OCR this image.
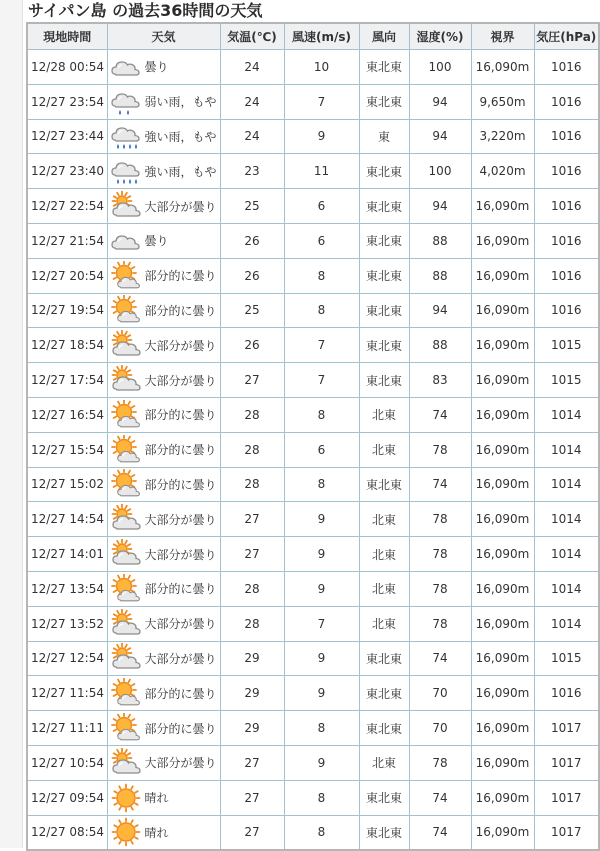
サイパン島 の過去36時間の天気
現地時間	天気	気温(℃)	風速(m/s)	風向	湿度(%)	視界	気圧(hPa)
12/28 00:54	曇り	24	10	東北東	100	16,090m	1016
12/27 23:54	弱い雨，もや	24	7	東北東	94	9,650m	1016
12/27 23:44	強い雨，もや	24	9	東	94	3,220m	1016
12/27 23:40	強い雨，もや	23	11	東北東	100	4,020m	1016
12/27 22:54	大部分が曇り	25	6	東北東	94	16,090m	1016
12/27 21:54	曇り	26	6	東北東	88	16,090m	1016
12/27 20:54	部分的に曇り	26	8	東北東	88	16,090m	1016
12/27 19:54	部分的に曇り	25	8	東北東	94	16,090m	1016
12/27 18:54	大部分が曇り	26	7	東北東	88	16,090m	1015
12/27 17:54	大部分が曇り	27	7	東北東	83	16,090m	1015
12/27 16:54	部分的に曇り	28	8	北東	74	16,090m	1014
12/27 15:54	部分的に曇り	28	6	北東	78	16,090m	1014
12/27 15:02	部分的に曇り	28	8	東北東	74	16,090m	1014
12/27 14:54	大部分が曇り	27	9	北東	78	16,090m	1014
12/27 14:01	大部分が曇り	27	9	北東	78	16,090m	1014
12/27 13:54	部分的に曇り	28	9	北東	78	16,090m	1014
12/27 13:52	大部分が曇り	28	7	北東	78	16,090m	1014
12/27 12:54	大部分が曇り	29	9	東北東	74	16,090m	1015
12/27 11:54	部分的に曇り	29	9	東北東	70	16,090m	1016
12/27 11:11	部分的に曇り	29	8	東北東	70	16,090m	1017
12/27 10:54	大部分が曇り	27	9	北東	78	16,090m	1017
12/27 09:54	晴れ	27	8	東北東	74	16,090m	1017
12/27 08:54	晴れ	27	8	東北東	74	16,090m	1017
